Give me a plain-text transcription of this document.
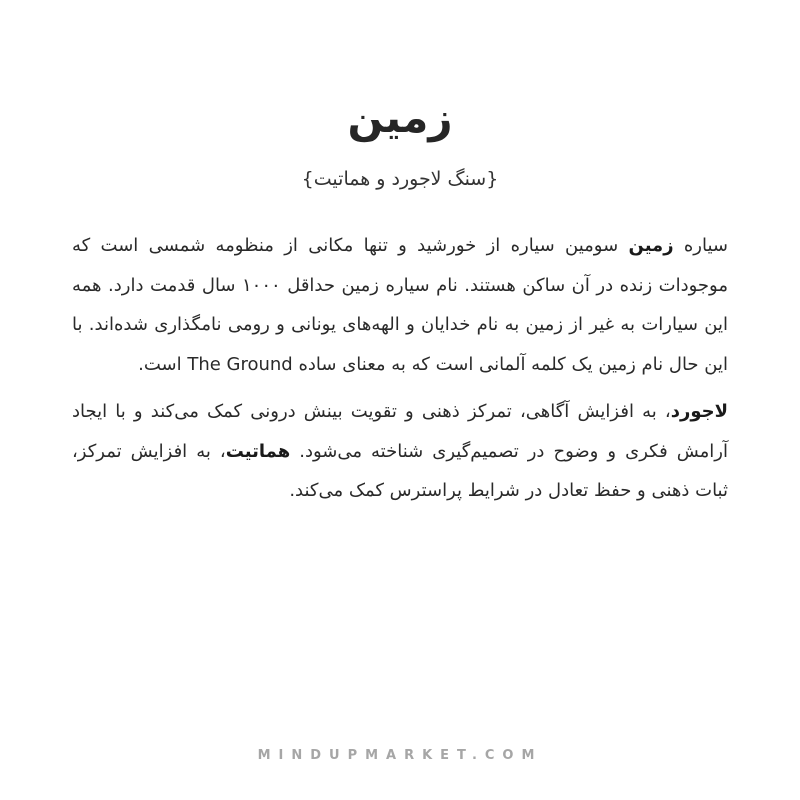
زمین
{سنگ لاجورد و هماتیت}

سیاره زمین سومین سیاره از خورشید و تنها مکانی از منظومه شمسی است که موجودات زنده در آن ساکن هستند. نام سیاره زمین حداقل ۱۰۰۰ سال قدمت دارد. همه این سیارات به غیر از زمین به نام خدایان و الهه‌های یونانی و رومی نامگذاری شده‌اند. با این حال نام زمین یک کلمه آلمانی است که به معنای ساده The Ground است.

لاجورد، به افزایش آگاهی، تمرکز ذهنی و تقویت بینش درونی کمک می‌کند و با ایجاد آرامش فکری و وضوح در تصمیم‌گیری شناخته می‌شود. هماتیت، به افزایش تمرکز، ثبات ذهنی و حفظ تعادل در شرایط پراسترس کمک می‌کند.

MINDUPMARKET.COM
